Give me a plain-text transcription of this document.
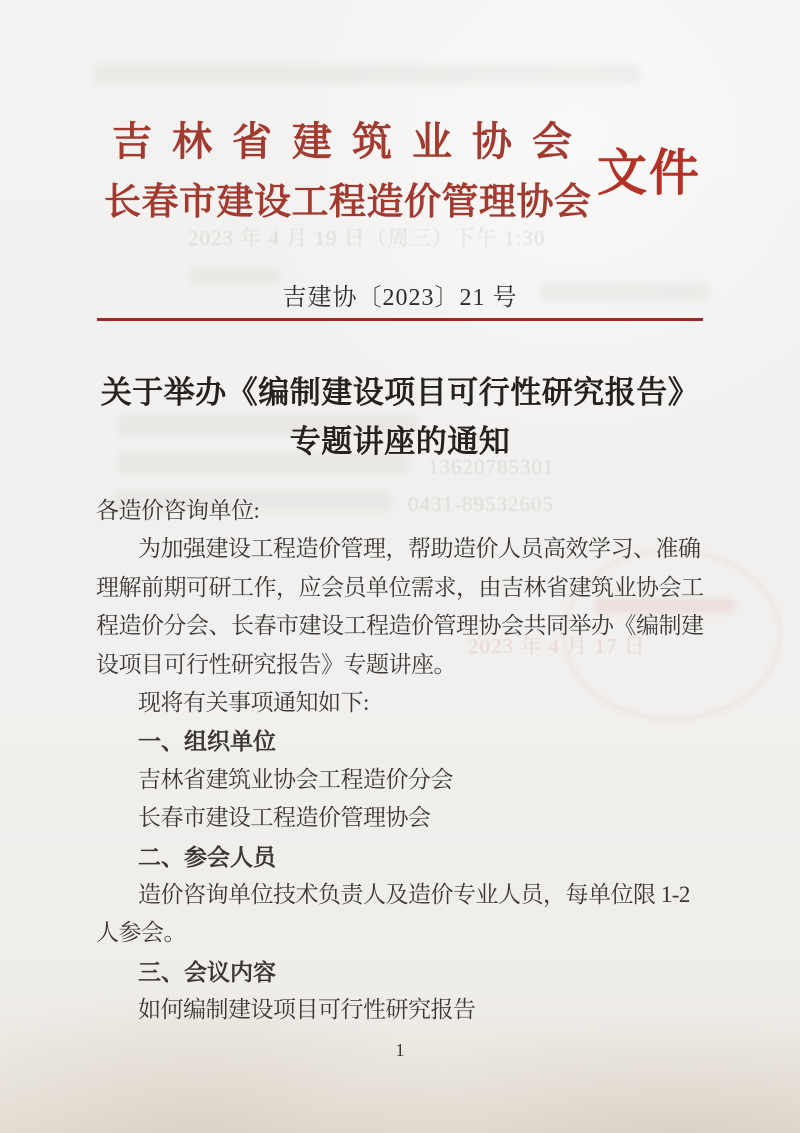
2023 年 4 月 19 日（周三）下午 1:30
13620785301
0431-89532605
2023 年 4 月 17 日
吉林省建筑业协会
长春市建设工程造价管理协会
文件
吉建协〔2023〕21 号
关于举办《编制建设项目可行性研究报告》
专题讲座的通知
各造价咨询单位:
为加强建设工程造价管理，帮助造价人员高效学习、准确
理解前期可研工作，应会员单位需求，由吉林省建筑业协会工
程造价分会、长春市建设工程造价管理协会共同举办《编制建
设项目可行性研究报告》专题讲座。
现将有关事项通知如下:
一、组织单位
吉林省建筑业协会工程造价分会
长春市建设工程造价管理协会
二、参会人员
造价咨询单位技术负责人及造价专业人员，每单位限 1-2
人参会。
三、会议内容
如何编制建设项目可行性研究报告
1
